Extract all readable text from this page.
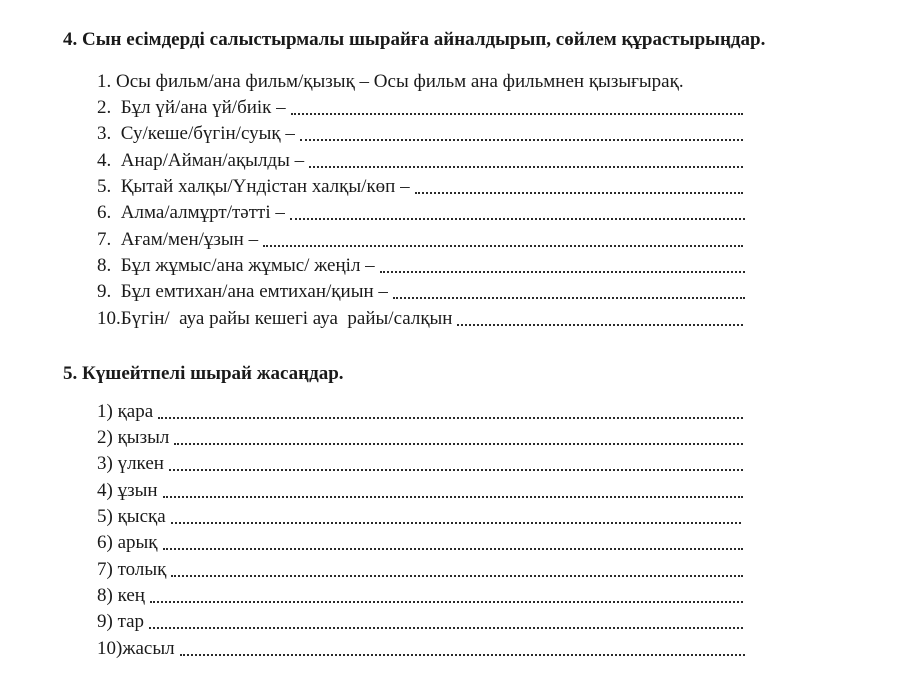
4. Сын есімдерді салыстырмалы шырайға айналдырып, сөйлем құрастырыңдар.
1. Осы фильм/ана фильм/қызық – Осы фильм ана фильмнен қызығырақ.
2. Бұл үй/ана үй/биік –
3. Су/кеше/бүгін/суық –
4. Анар/Айман/ақылды –
5. Қытай халқы/Үндістан халқы/көп –
6. Алма/алмұрт/тәтті –
7. Ағам/мен/ұзын –
8. Бұл жұмыс/ана жұмыс/ жеңіл –
9. Бұл емтихан/ана емтихан/қиын –
10. Бүгін/  ауа райы кешегі ауа  райы/салқын
5. Күшейтпелі шырай жасаңдар.
1) қара
2) қызыл
3) үлкен
4) ұзын
5) қысқа
6) арық
7) толық
8) кең
9) тар
10) жасыл
